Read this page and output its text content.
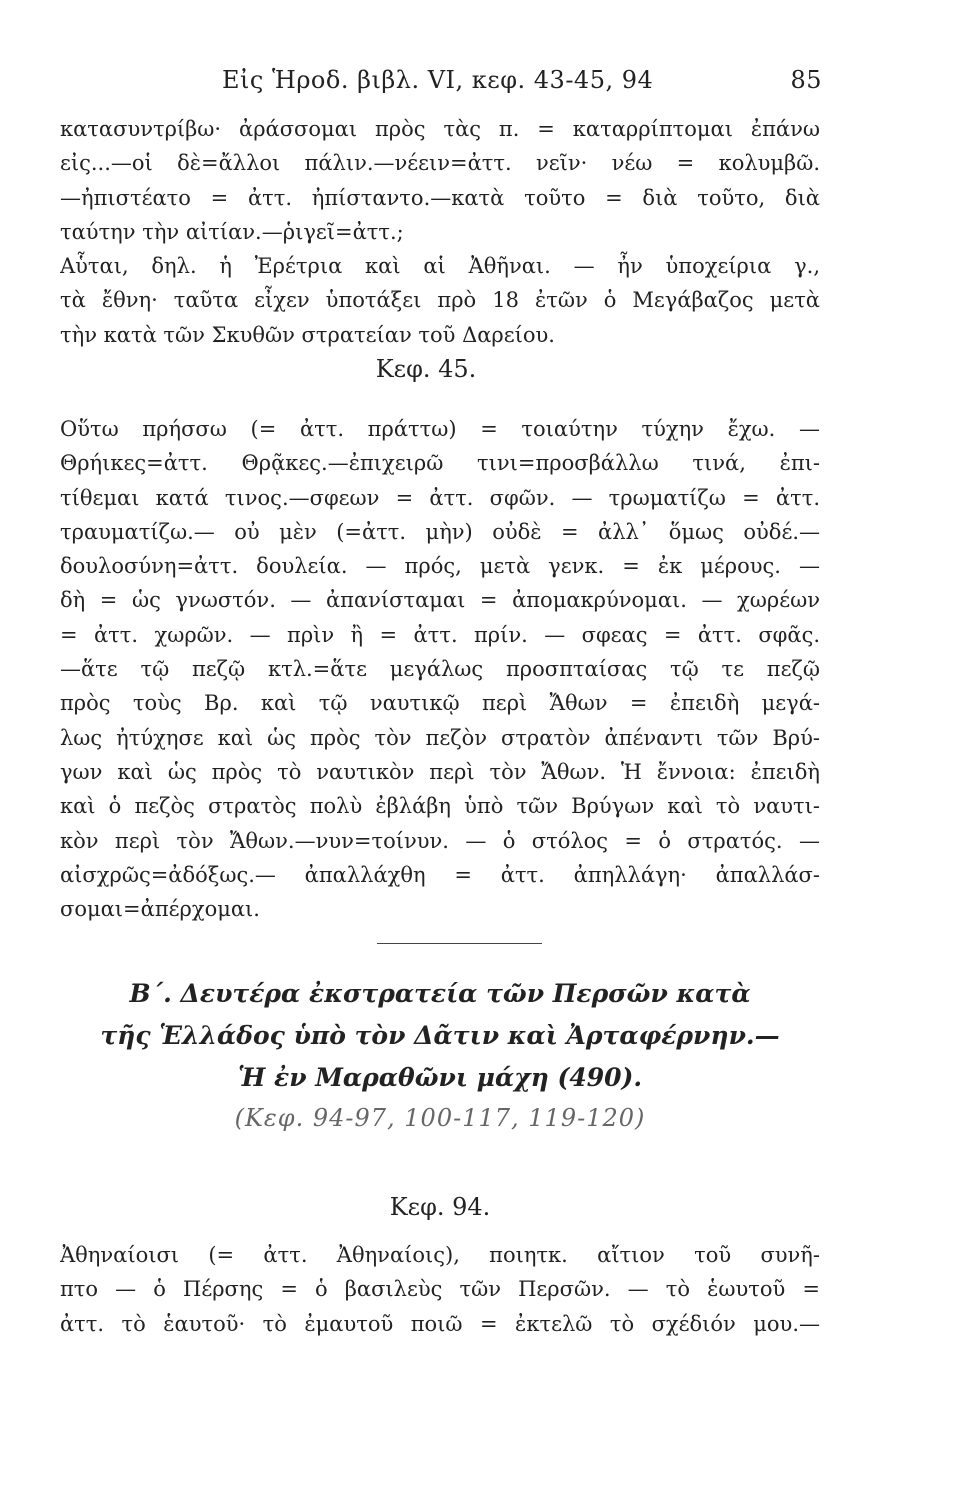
Εἰς Ἡροδ. βιβλ. VI, κεφ. 43-45, 94	85
κατασυντρίβω· ἀράσσομαι πρὸς τὰς π. = καταρρίπτομαι ἐπάνω
εἰς...—οἱ δὲ=ἄλλοι πάλιν.—νέειν=ἀττ. νεῖν· νέω = κολυμβῶ.
—ἠπιστέατο = ἀττ. ἠπίσταντο.—κατὰ τοῦτο = διὰ τοῦτο, διὰ
ταύτην τὴν αἰτίαν.—ῥιγεῖ=ἀττ.;
Αὗται, δηλ. ἡ Ἐρέτρια καὶ αἱ Ἀθῆναι. — ἦν ὑποχείρια γ.,
τὰ ἔθνη· ταῦτα εἶχεν ὑποτάξει πρὸ 18 ἐτῶν ὁ Μεγάβαζος μετὰ
τὴν κατὰ τῶν Σκυθῶν στρατείαν τοῦ Δαρείου.
Κεφ. 45.
Οὕτω πρήσσω (= ἀττ. πράττω) = τοιαύτην τύχην ἔχω. —
Θρήικες=ἀττ. Θρᾷκες.—ἐπιχειρῶ τινι=προσβάλλω τινά, ἐπι-
τίθεμαι κατά τινος.—σφεων = ἀττ. σφῶν. — τρωματίζω = ἀττ.
τραυματίζω.— οὐ μὲν (=ἀττ. μὴν) οὐδὲ = ἀλλ᾽ ὅμως οὐδέ.—
δουλοσύνη=ἀττ. δουλεία. — πρός, μετὰ γενκ. = ἐκ μέρους. —
δὴ = ὡς γνωστόν. — ἀπανίσταμαι = ἀπομακρύνομαι. — χωρέων
= ἀττ. χωρῶν. — πρὶν ἢ = ἀττ. πρίν. — σφεας = ἀττ. σφᾶς.
—ἅτε τῷ πεζῷ κτλ.=ἅτε μεγάλως προσπταίσας τῷ τε πεζῷ
πρὸς τοὺς Βρ. καὶ τῷ ναυτικῷ περὶ Ἄθων = ἐπειδὴ μεγά-
λως ἠτύχησε καὶ ὡς πρὸς τὸν πεζὸν στρατὸν ἀπέναντι τῶν Βρύ-
γων καὶ ὡς πρὸς τὸ ναυτικὸν περὶ τὸν Ἄθων. Ἡ ἔννοια: ἐπειδὴ
καὶ ὁ πεζὸς στρατὸς πολὺ ἐβλάβη ὑπὸ τῶν Βρύγων καὶ τὸ ναυτι-
κὸν περὶ τὸν Ἄθων.—νυν=τοίνυν. — ὁ στόλος = ὁ στρατός. —
αἰσχρῶς=ἀδόξως.— ἀπαλλάχθη = ἀττ. ἀπηλλάγη· ἀπαλλάσ-
σομαι=ἀπέρχομαι.
Β΄. Δευτέρα ἐκστρατεία τῶν Περσῶν κατὰ
τῆς Ἑλλάδος ὑπὸ τὸν Δᾶτιν καὶ Ἀρταφέρνην.—
Ἡ ἐν Μαραθῶνι μάχη (490).
(Κεφ. 94-97, 100-117, 119-120)
Κεφ. 94.
Ἀθηναίοισι (= ἀττ. Ἀθηναίοις), ποιητκ. αἴτιον τοῦ συνῆ-
πτο — ὁ Πέρσης = ὁ βασιλεὺς τῶν Περσῶν. — τὸ ἑωυτοῦ =
ἀττ. τὸ ἑαυτοῦ· τὸ ἐμαυτοῦ ποιῶ = ἐκτελῶ τὸ σχέδιόν μου.—
